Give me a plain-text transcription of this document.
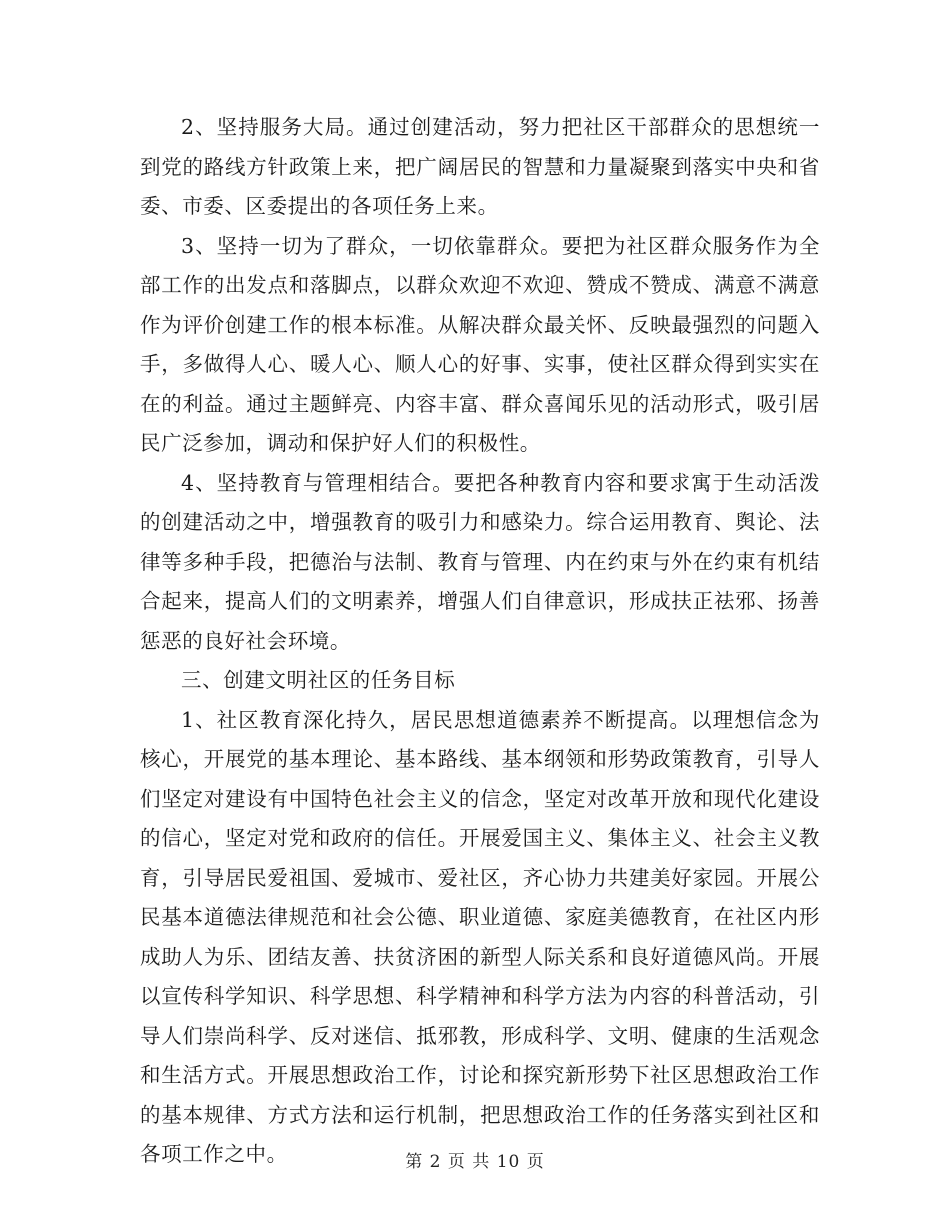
2、坚持服务大局。通过创建活动，努力把社区干部群众的思想统一到党的路线方针政策上来，把广阔居民的智慧和力量凝聚到落实中央和省委、市委、区委提出的各项任务上来。

3、坚持一切为了群众，一切依靠群众。要把为社区群众服务作为全部工作的出发点和落脚点，以群众欢迎不欢迎、赞成不赞成、满意不满意作为评价创建工作的根本标准。从解决群众最关怀、反映最强烈的问题入手，多做得人心、暖人心、顺人心的好事、实事，使社区群众得到实实在在的利益。通过主题鲜亮、内容丰富、群众喜闻乐见的活动形式，吸引居民广泛参加，调动和保护好人们的积极性。

4、坚持教育与管理相结合。要把各种教育内容和要求寓于生动活泼的创建活动之中，增强教育的吸引力和感染力。综合运用教育、舆论、法律等多种手段，把德治与法制、教育与管理、内在约束与外在约束有机结合起来，提高人们的文明素养，增强人们自律意识，形成扶正祛邪、扬善惩恶的良好社会环境。

三、创建文明社区的任务目标

1、社区教育深化持久，居民思想道德素养不断提高。以理想信念为核心，开展党的基本理论、基本路线、基本纲领和形势政策教育，引导人们坚定对建设有中国特色社会主义的信念，坚定对改革开放和现代化建设的信心，坚定对党和政府的信任。开展爱国主义、集体主义、社会主义教育，引导居民爱祖国、爱城市、爱社区，齐心协力共建美好家园。开展公民基本道德法律规范和社会公德、职业道德、家庭美德教育，在社区内形成助人为乐、团结友善、扶贫济困的新型人际关系和良好道德风尚。开展以宣传科学知识、科学思想、科学精神和科学方法为内容的科普活动，引导人们崇尚科学、反对迷信、抵邪教，形成科学、文明、健康的生活观念和生活方式。开展思想政治工作，讨论和探究新形势下社区思想政治工作的基本规律、方式方法和运行机制，把思想政治工作的任务落实到社区和各项工作之中。	第 2 页 共 10 页
